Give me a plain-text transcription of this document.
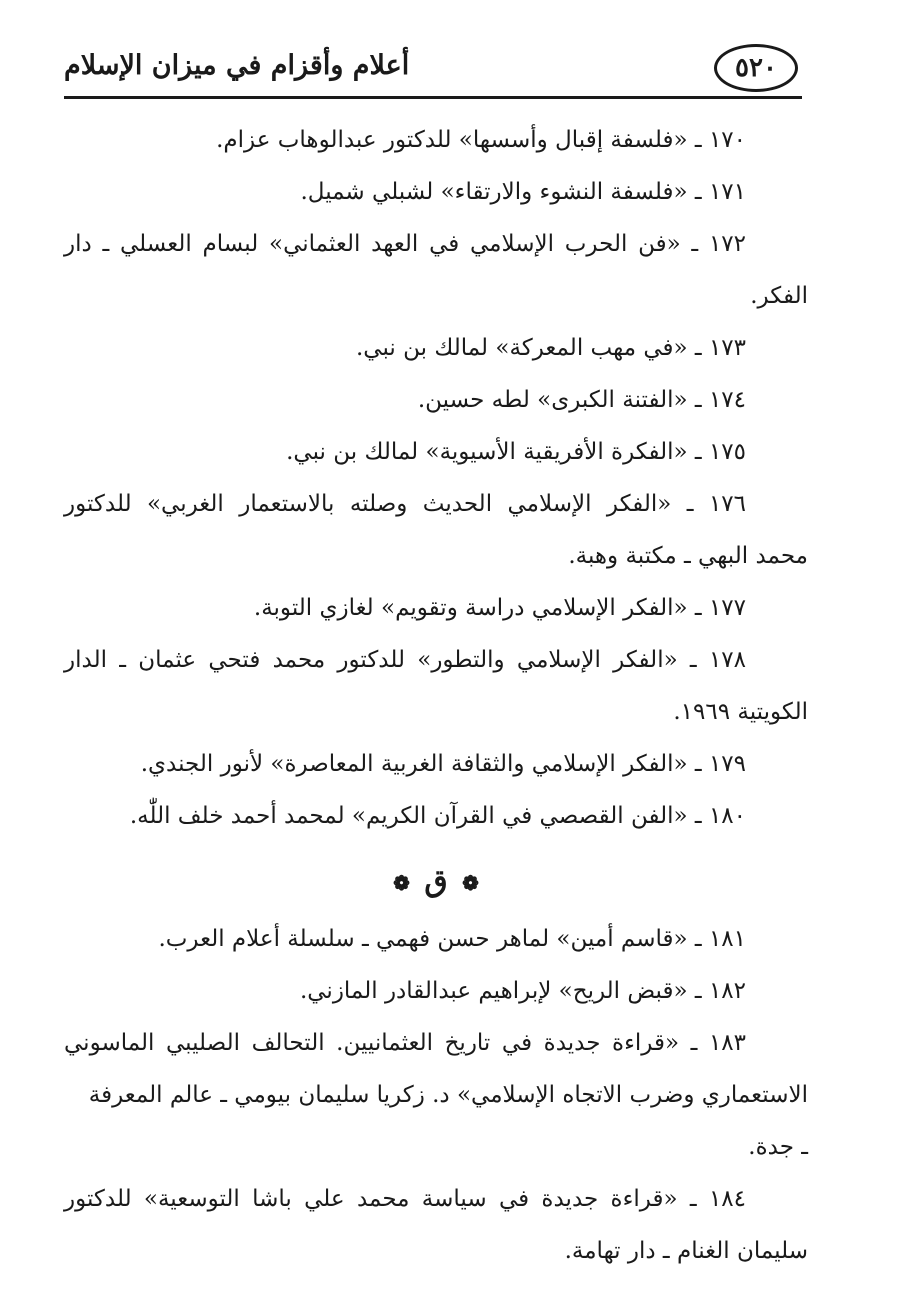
أعلام وأقزام في ميزان الإسلام	٥٢٠

١٧٠ ـ «فلسفة إقبال وأسسها» للدكتور عبدالوهاب عزام.

١٧١ ـ «فلسفة النشوء والارتقاء» لشبلي شميل.

١٧٢ ـ «فن الحرب الإسلامي في العهد العثماني» لبسام العسلي ـ دار
الفكر.

١٧٣ ـ «في مهب المعركة» لمالك بن نبي.

١٧٤ ـ «الفتنة الكبرى» لطه حسين.

١٧٥ ـ «الفكرة الأفريقية الأسيوية» لمالك بن نبي.

١٧٦ ـ «الفكر الإسلامي الحديث وصلته بالاستعمار الغربي» للدكتور
محمد البهي ـ مكتبة وهبة.

١٧٧ ـ «الفكر الإسلامي دراسة وتقويم» لغازي التوبة.

١٧٨ ـ «الفكر الإسلامي والتطور» للدكتور محمد فتحي عثمان ـ الدار
الكويتية ١٩٦٩.

١٧٩ ـ «الفكر الإسلامي والثقافة الغربية المعاصرة» لأنور الجندي.

١٨٠ ـ «الفن القصصي في القرآن الكريم» لمحمد أحمد خلف اللّٰه.

❁ ق ❁

١٨١ ـ «قاسم أمين» لماهر حسن فهمي ـ سلسلة أعلام العرب.

١٨٢ ـ «قبض الريح» لإبراهيم عبدالقادر المازني.

١٨٣ ـ «قراءة جديدة في تاريخ العثمانيين. التحالف الصليبي الماسوني
الاستعماري وضرب الاتجاه الإسلامي» د. زكريا سليمان بيومي ـ عالم المعرفة
ـ جدة.

١٨٤ ـ «قراءة جديدة في سياسة محمد علي باشا التوسعية» للدكتور
سليمان الغنام ـ دار تهامة.
